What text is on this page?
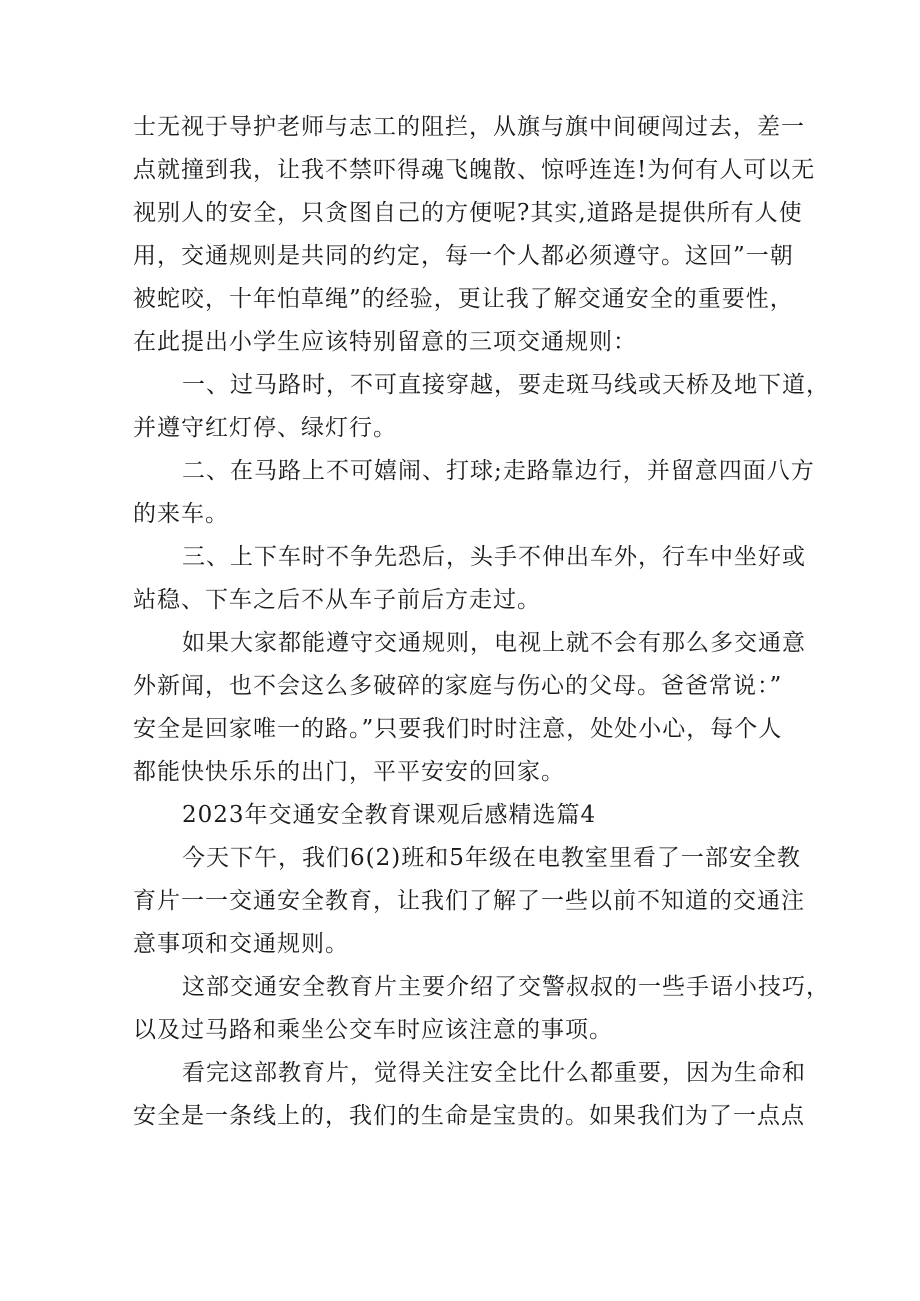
士无视于导护老师与志工的阻拦，从旗与旗中间硬闯过去，差一
点就撞到我，让我不禁吓得魂飞魄散、惊呼连连!为何有人可以无
视别人的安全，只贪图自己的方便呢?其实,道路是提供所有人使
用，交通规则是共同的约定，每一个人都必须遵守。这回”一朝
被蛇咬，十年怕草绳”的经验，更让我了解交通安全的重要性，
在此提出小学生应该特别留意的三项交通规则：
一、过马路时，不可直接穿越，要走斑马线或天桥及地下道，
并遵守红灯停、绿灯行。
二、在马路上不可嬉闹、打球;走路靠边行，并留意四面八方
的来车。
三、上下车时不争先恐后，头手不伸出车外，行车中坐好或
站稳、下车之后不从车子前后方走过。
如果大家都能遵守交通规则，电视上就不会有那么多交通意
外新闻，也不会这么多破碎的家庭与伤心的父母。爸爸常说：”
安全是回家唯一的路。”只要我们时时注意，处处小心，每个人
都能快快乐乐的出门，平平安安的回家。
2023年交通安全教育课观后感精选篇4
今天下午，我们6(2)班和5年级在电教室里看了一部安全教
育片一一交通安全教育，让我们了解了一些以前不知道的交通注
意事项和交通规则。
这部交通安全教育片主要介绍了交警叔叔的一些手语小技巧，
以及过马路和乘坐公交车时应该注意的事项。
看完这部教育片，觉得关注安全比什么都重要，因为生命和
安全是一条线上的，我们的生命是宝贵的。如果我们为了一点点
